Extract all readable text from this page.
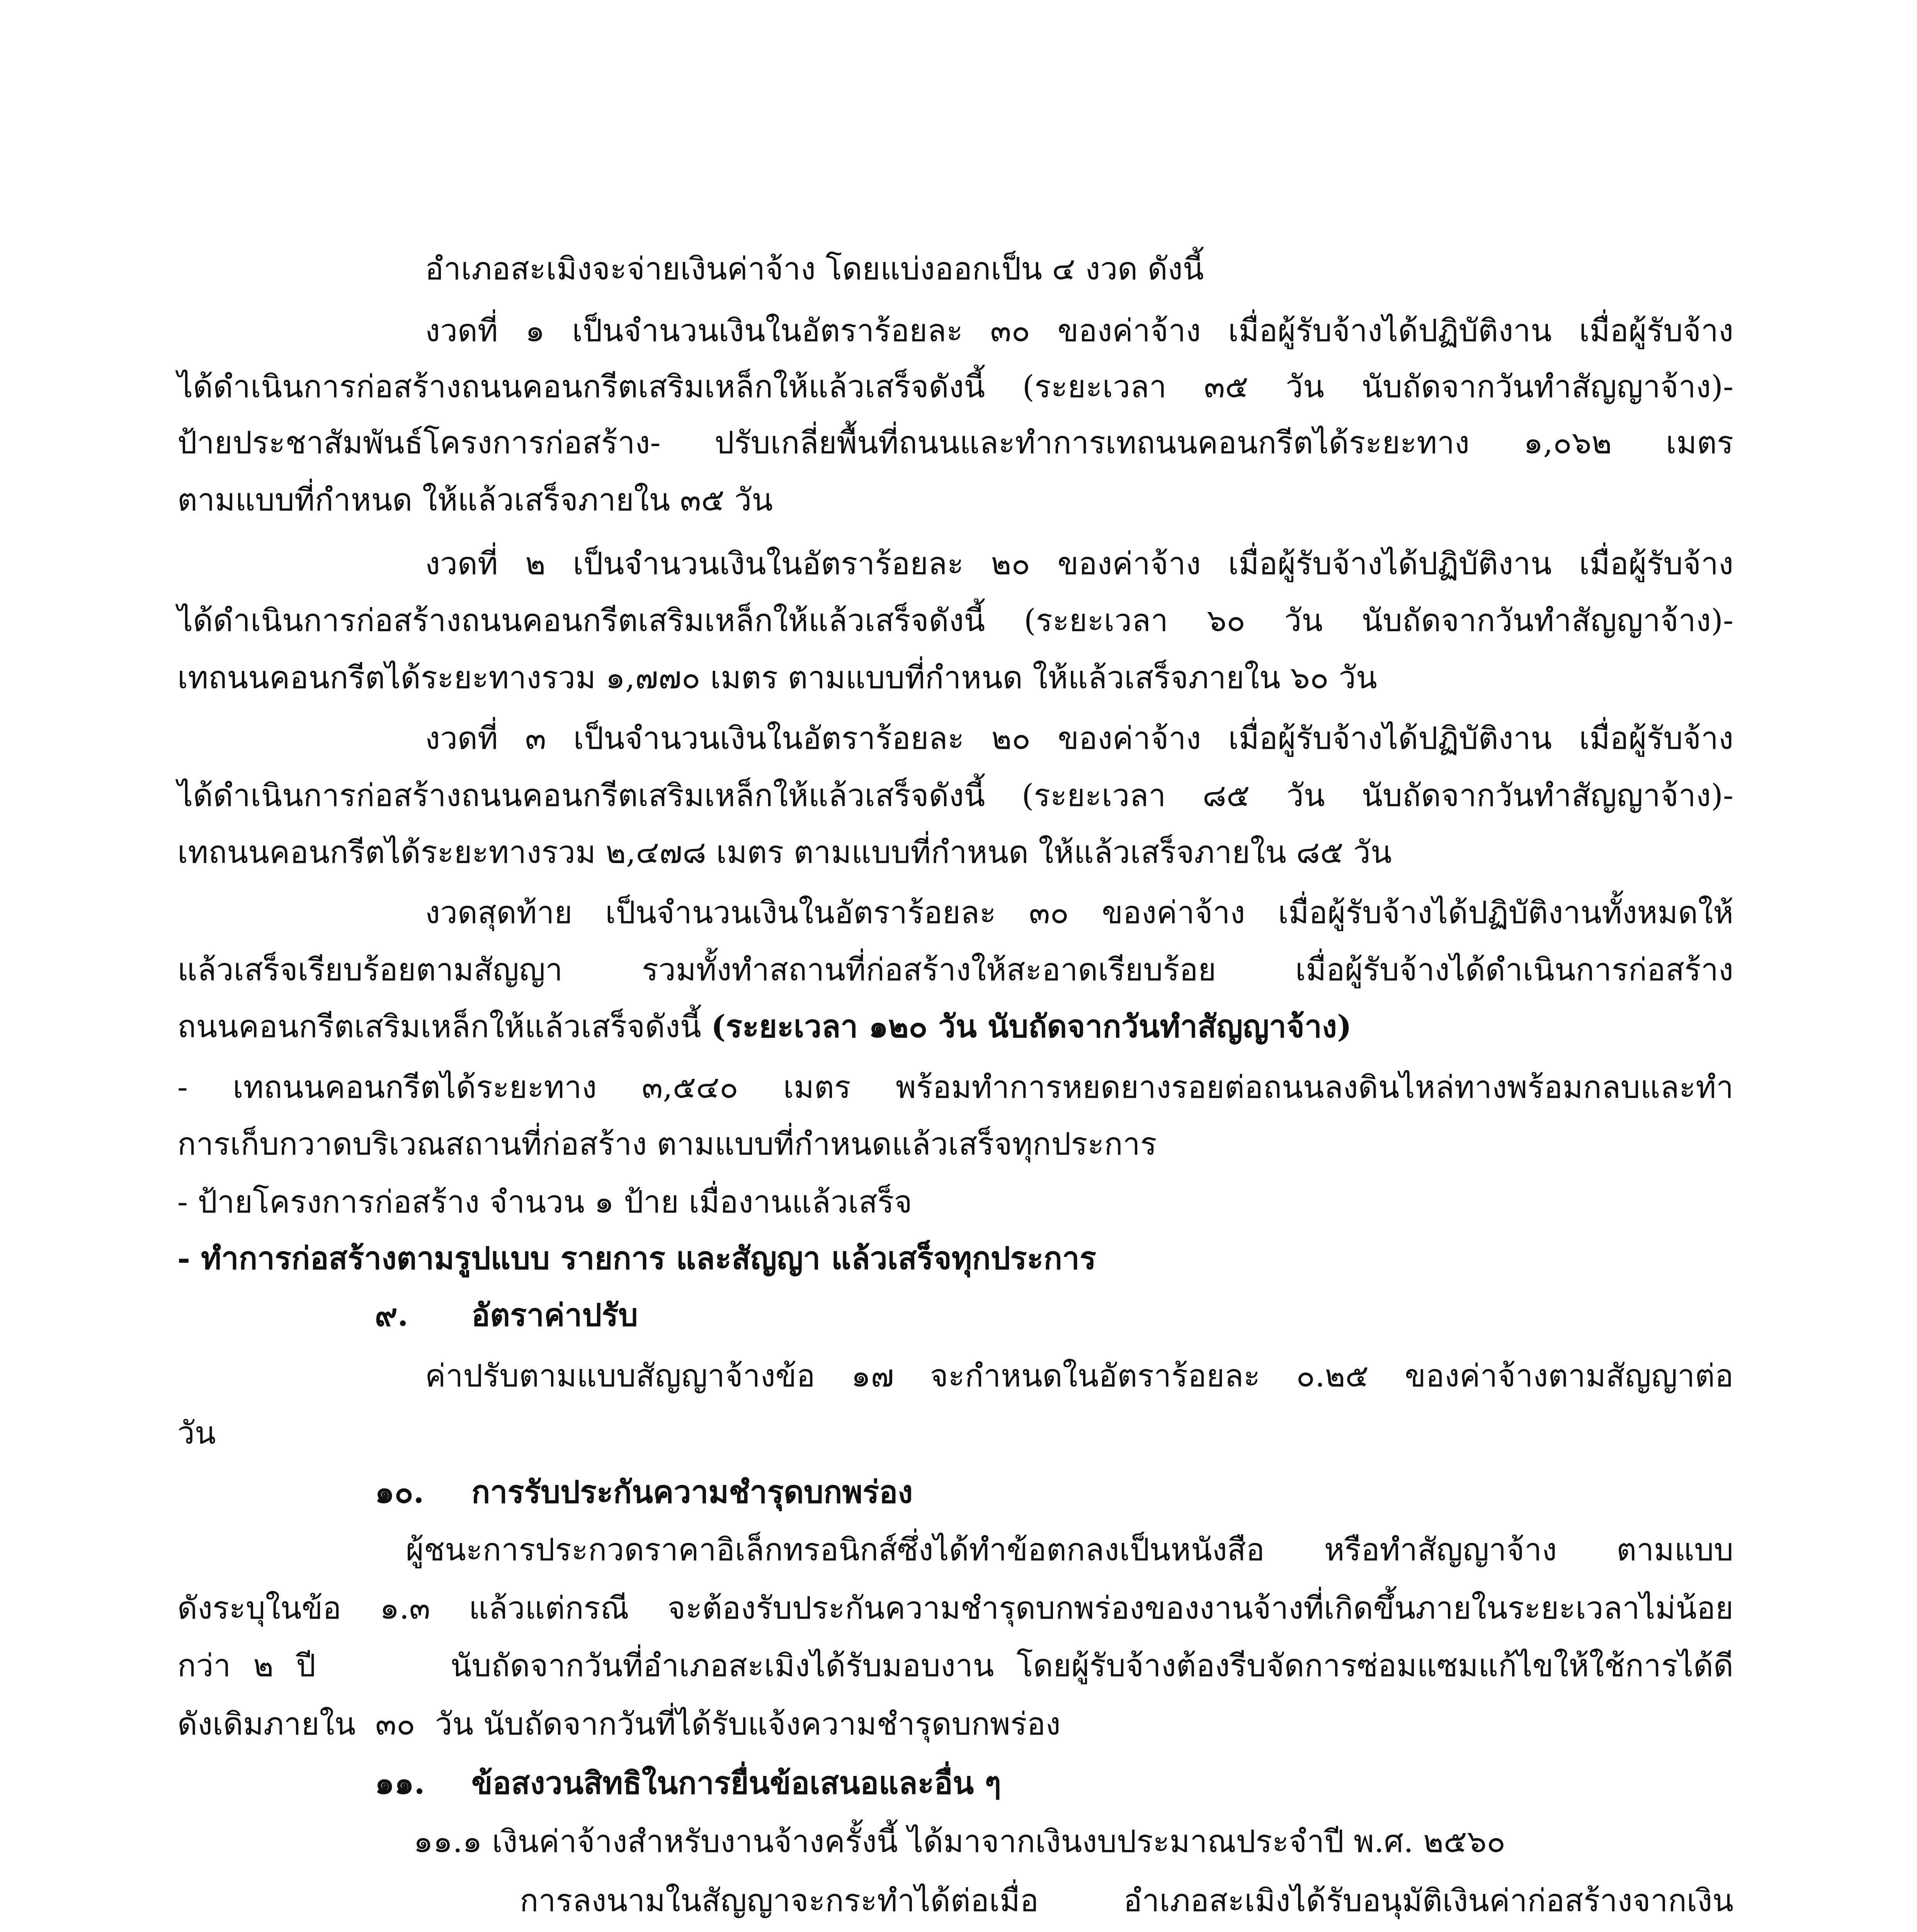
อำเภอสะเมิงจะจ่ายเงินค่าจ้าง โดยแบ่งออกเป็น ๔ งวด ดังนี้

งวดที่ ๑ เป็นจำนวนเงินในอัตราร้อยละ ๓๐ ของค่าจ้าง เมื่อผู้รับจ้างได้ปฏิบัติงาน เมื่อผู้รับจ้าง

ได้ดำเนินการก่อสร้างถนนคอนกรีตเสริมเหล็กให้แล้วเสร็จดังนี้ (ระยะเวลา ๓๕ วัน นับถัดจากวันทำสัญญาจ้าง)-

ป้ายประชาสัมพันธ์โครงการก่อสร้าง- ปรับเกลี่ยพื้นที่ถนนและทำการเทถนนคอนกรีตได้ระยะทาง ๑,๐๖๒ เมตร

ตามแบบที่กำหนด ให้แล้วเสร็จภายใน ๓๕ วัน

งวดที่ ๒ เป็นจำนวนเงินในอัตราร้อยละ ๒๐ ของค่าจ้าง เมื่อผู้รับจ้างได้ปฏิบัติงาน เมื่อผู้รับจ้าง

ได้ดำเนินการก่อสร้างถนนคอนกรีตเสริมเหล็กให้แล้วเสร็จดังนี้ (ระยะเวลา ๖๐ วัน นับถัดจากวันทำสัญญาจ้าง)-

เทถนนคอนกรีตได้ระยะทางรวม ๑,๗๗๐ เมตร ตามแบบที่กำหนด ให้แล้วเสร็จภายใน ๖๐ วัน

งวดที่ ๓ เป็นจำนวนเงินในอัตราร้อยละ ๒๐ ของค่าจ้าง เมื่อผู้รับจ้างได้ปฏิบัติงาน เมื่อผู้รับจ้าง

ได้ดำเนินการก่อสร้างถนนคอนกรีตเสริมเหล็กให้แล้วเสร็จดังนี้ (ระยะเวลา ๘๕ วัน นับถัดจากวันทำสัญญาจ้าง)-

เทถนนคอนกรีตได้ระยะทางรวม ๒,๔๗๘ เมตร ตามแบบที่กำหนด ให้แล้วเสร็จภายใน ๘๕ วัน

งวดสุดท้าย เป็นจำนวนเงินในอัตราร้อยละ ๓๐ ของค่าจ้าง เมื่อผู้รับจ้างได้ปฏิบัติงานทั้งหมดให้

แล้วเสร็จเรียบร้อยตามสัญญา รวมทั้งทำสถานที่ก่อสร้างให้สะอาดเรียบร้อย เมื่อผู้รับจ้างได้ดำเนินการก่อสร้าง

ถนนคอนกรีตเสริมเหล็กให้แล้วเสร็จดังนี้ (ระยะเวลา ๑๒๐ วัน นับถัดจากวันทำสัญญาจ้าง)

- เทถนนคอนกรีตได้ระยะทาง ๓,๕๔๐ เมตร พร้อมทำการหยดยางรอยต่อถนนลงดินไหล่ทางพร้อมกลบและทำ

การเก็บกวาดบริเวณสถานที่ก่อสร้าง ตามแบบที่กำหนดแล้วเสร็จทุกประการ

- ป้ายโครงการก่อสร้าง จำนวน ๑ ป้าย เมื่องานแล้วเสร็จ

- ทำการก่อสร้างตามรูปแบบ รายการ และสัญญา แล้วเสร็จทุกประการ

๙. อัตราค่าปรับ

ค่าปรับตามแบบสัญญาจ้างข้อ ๑๗ จะกำหนดในอัตราร้อยละ ๐.๒๕ ของค่าจ้างตามสัญญาต่อ

วัน

๑๐. การรับประกันความชำรุดบกพร่อง

ผู้ชนะการประกวดราคาอิเล็กทรอนิกส์ซึ่งได้ทำข้อตกลงเป็นหนังสือ หรือทำสัญญาจ้าง ตามแบบ

ดังระบุในข้อ ๑.๓ แล้วแต่กรณี จะต้องรับประกันความชำรุดบกพร่องของงานจ้างที่เกิดขึ้นภายในระยะเวลาไม่น้อย

กว่า ๒ ปี      นับถัดจากวันที่อำเภอสะเมิงได้รับมอบงาน โดยผู้รับจ้างต้องรีบจัดการซ่อมแซมแก้ไขให้ใช้การได้ดี

ดังเดิมภายใน  ๓๐  วัน นับถัดจากวันที่ได้รับแจ้งความชำรุดบกพร่อง

๑๑. ข้อสงวนสิทธิในการยื่นข้อเสนอและอื่น ๆ

๑๑.๑ เงินค่าจ้างสำหรับงานจ้างครั้งนี้ ได้มาจากเงินงบประมาณประจำปี พ.ศ. ๒๕๖๐

การลงนามในสัญญาจะกระทำได้ต่อเมื่อ อำเภอสะเมิงได้รับอนุมัติเงินค่าก่อสร้างจากเงิน
